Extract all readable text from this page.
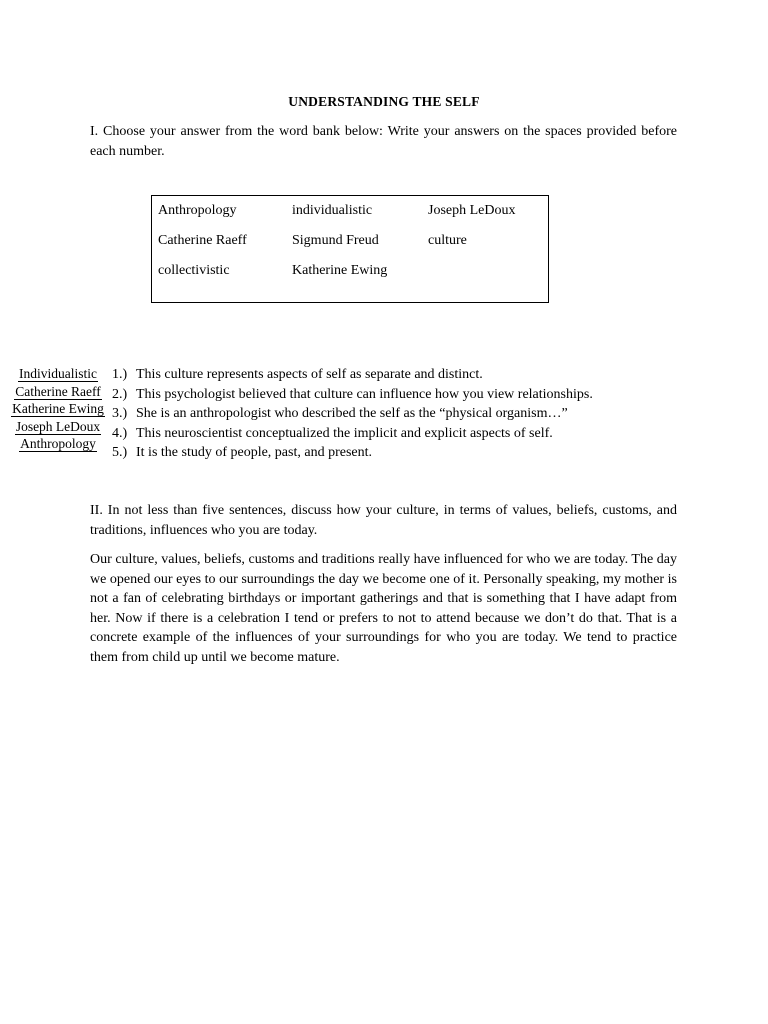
UNDERSTANDING THE SELF
I. Choose your answer from the word bank below: Write your answers on the spaces provided before each number.
Anthropology	individualistic	Joseph LeDoux
Catherine Raeff	Sigmund Freud	culture
collectivistic	Katherine Ewing
Individualistic
Catherine Raeff
Katherine Ewing
Joseph LeDoux
Anthropology
1.) This culture represents aspects of self as separate and distinct.
2.) This psychologist believed that culture can influence how you view relationships.
3.) She is an anthropologist who described the self as the “physical organism…”
4.) This neuroscientist conceptualized the implicit and explicit aspects of self.
5.) It is the study of people, past, and present.
II. In not less than five sentences, discuss how your culture, in terms of values, beliefs, customs, and traditions, influences who you are today.
Our culture, values, beliefs, customs and traditions really have influenced for who we are today. The day we opened our eyes to our surroundings the day we become one of it. Personally speaking, my mother is not a fan of celebrating birthdays or important gatherings and that is something that I have adapt from her. Now if there is a celebration I tend or prefers to not to attend because we don’t do that. That is a concrete example of the influences of your surroundings for who you are today. We tend to practice them from child up until we become mature.
